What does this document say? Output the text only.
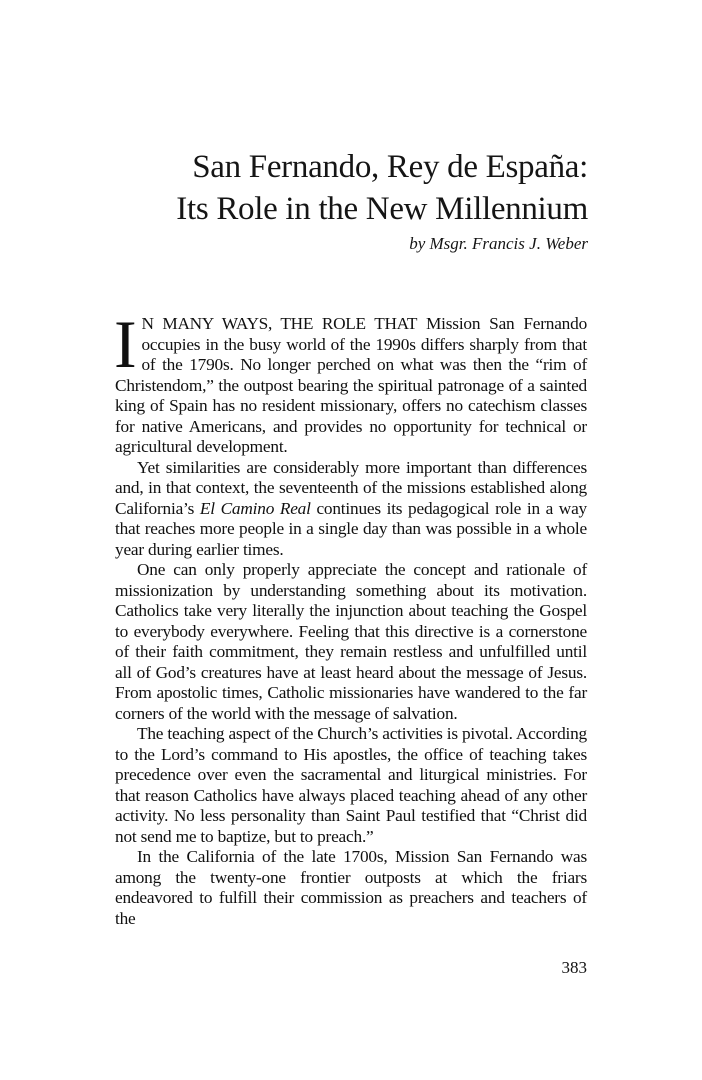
San Fernando, Rey de España:
Its Role in the New Millennium
by Msgr. Francis J. Weber

I N MANY WAYS, THE ROLE THAT Mission San Fernando occupies in the busy world of the 1990s differs sharply from that of the 1790s. No longer perched on what was then the “rim of Christendom,” the outpost bearing the spiritual patronage of a sainted king of Spain has no resident missionary, offers no catechism classes for native Americans, and provides no opportunity for technical or agricultural development.

Yet similarities are considerably more important than differences and, in that context, the seventeenth of the missions established along California’s El Camino Real continues its pedagogical role in a way that reaches more people in a single day than was possible in a whole year during earlier times.

One can only properly appreciate the concept and rationale of missionization by understanding something about its motivation. Catholics take very literally the injunction about teaching the Gospel to everybody everywhere. Feeling that this directive is a cornerstone of their faith commitment, they remain restless and unfulfilled until all of God’s creatures have at least heard about the message of Jesus. From apostolic times, Catholic missionaries have wandered to the far corners of the world with the message of salvation.

The teaching aspect of the Church’s activities is pivotal. According to the Lord’s command to His apostles, the office of teaching takes precedence over even the sacramental and liturgical ministries. For that reason Catholics have always placed teaching ahead of any other activity. No less personality than Saint Paul testified that “Christ did not send me to baptize, but to preach.”

In the California of the late 1700s, Mission San Fernando was among the twenty-one frontier outposts at which the friars endeavored to fulfill their commission as preachers and teachers of the

383
